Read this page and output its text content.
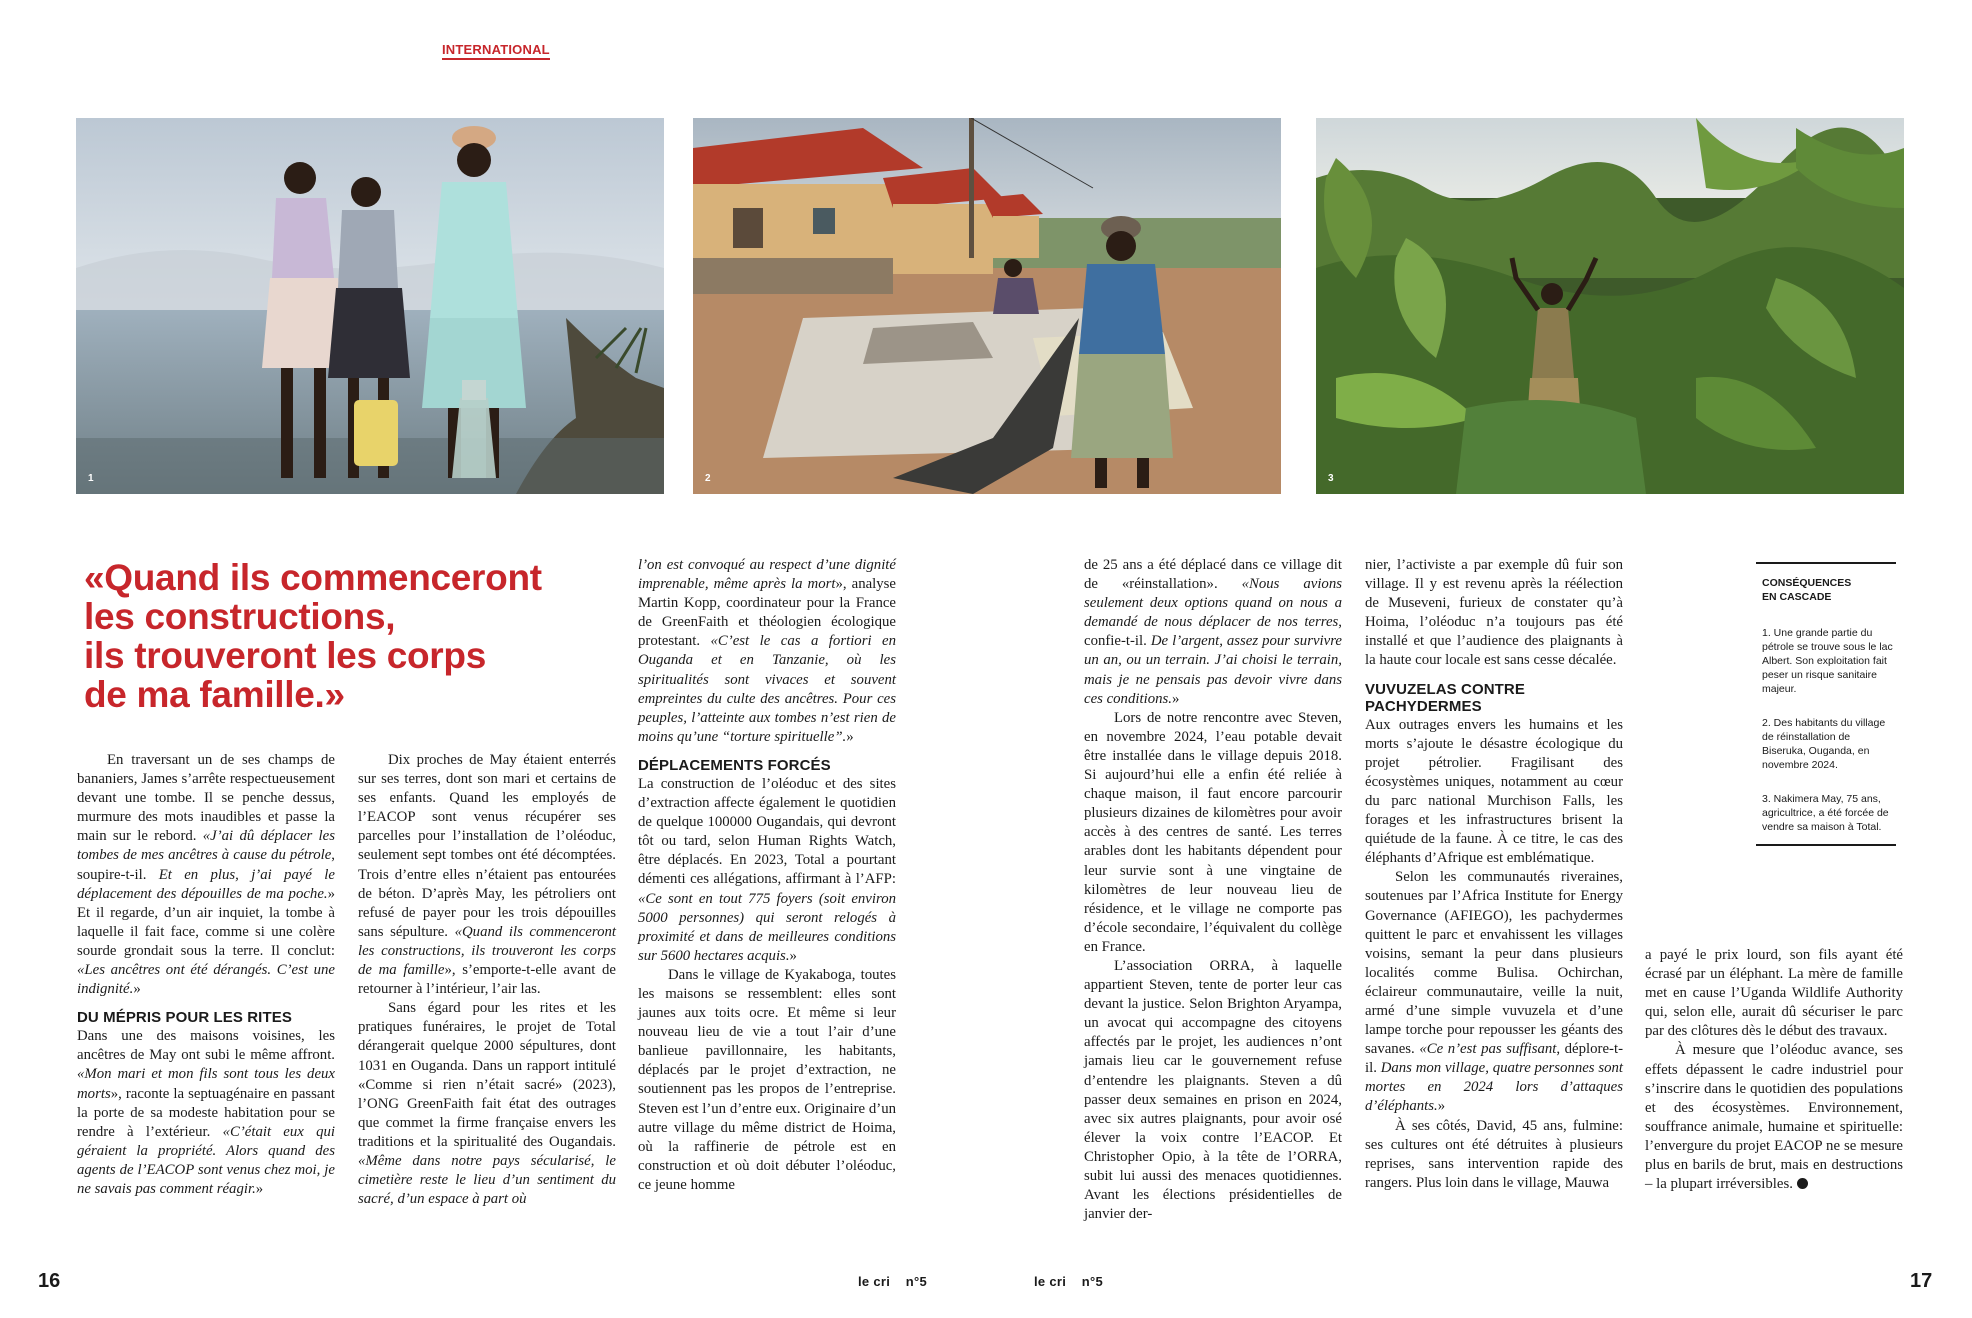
INTERNATIONAL
1	2	3
«Quand ils commenceront
les constructions,
ils trouveront les corps
de ma famille.»

En traversant un de ses champs de bananiers, James s’arrête respectueusement devant une tombe. Il se penche dessus, murmure des mots inaudibles et passe la main sur le rebord. «J’ai dû déplacer les tombes de mes ancêtres à cause du pétrole, soupire-t-il. Et en plus, j’ai payé le déplacement des dépouilles de ma poche.» Et il regarde, d’un air inquiet, la tombe à laquelle il fait face, comme si une colère sourde grondait sous la terre. Il conclut: «Les ancêtres ont été dérangés. C’est une indignité.»

DU MÉPRIS POUR LES RITES

Dans une des maisons voisines, les ancêtres de May ont subi le même affront. «Mon mari et mon fils sont tous les deux morts», raconte la septuagénaire en passant la porte de sa modeste habitation pour se rendre à l’extérieur. «C’était eux qui géraient la propriété. Alors quand des agents de l’EACOP sont venus chez moi, je ne savais pas comment réagir.»

Dix proches de May étaient enterrés sur ses terres, dont son mari et certains de ses enfants. Quand les employés de l’EACOP sont venus récupérer ses parcelles pour l’installation de l’oléoduc, seulement sept tombes ont été décomptées. Trois d’entre elles n’étaient pas entourées de béton. D’après May, les pétroliers ont refusé de payer pour les trois dépouilles sans sépulture. «Quand ils commenceront les constructions, ils trouveront les corps de ma famille», s’emporte-t-elle avant de retourner à l’intérieur, l’air las.

Sans égard pour les rites et les pratiques funéraires, le projet de Total dérangerait quelque 2000 sépultures, dont 1031 en Ouganda. Dans un rapport intitulé «Comme si rien n’était sacré» (2023), l’ONG GreenFaith fait état des outrages que commet la firme française envers les traditions et la spiritualité des Ougandais. «Même dans notre pays sécularisé, le cimetière reste le lieu d’un sentiment du sacré, d’un espace à part où

l’on est convoqué au respect d’une dignité imprenable, même après la mort», analyse Martin Kopp, coordinateur pour la France de GreenFaith et théologien écologique protestant. «C’est le cas a fortiori en Ouganda et en Tanzanie, où les spiritualités sont vivaces et souvent empreintes du culte des ancêtres. Pour ces peuples, l’atteinte aux tombes n’est rien de moins qu’une “torture spirituelle”.»

DÉPLACEMENTS FORCÉS

La construction de l’oléoduc et des sites d’extraction affecte également le quotidien de quelque 100000 Ougandais, qui devront tôt ou tard, selon Human Rights Watch, être déplacés. En 2023, Total a pourtant démenti ces allégations, affirmant à l’AFP: «Ce sont en tout 775 foyers (soit environ 5000 personnes) qui seront relogés à proximité et dans de meilleures conditions sur 5600 hectares acquis.»

Dans le village de Kyakaboga, toutes les maisons se ressemblent: elles sont jaunes aux toits ocre. Et même si leur nouveau lieu de vie a tout l’air d’une banlieue pavillonnaire, les habitants, déplacés par le projet d’extraction, ne soutiennent pas les propos de l’entreprise. Steven est l’un d’entre eux. Originaire d’un autre village du même district de Hoima, où la raffinerie de pétrole est en construction et où doit débuter l’oléoduc, ce jeune homme

de 25 ans a été déplacé dans ce village dit de «réinstallation». «Nous avions seulement deux options quand on nous a demandé de nous déplacer de nos terres, confie-t-il. De l’argent, assez pour survivre un an, ou un terrain. J’ai choisi le terrain, mais je ne pensais pas devoir vivre dans ces conditions.»

Lors de notre rencontre avec Steven, en novembre 2024, l’eau potable devait être installée dans le village depuis 2018. Si aujourd’hui elle a enfin été reliée à chaque maison, il faut encore parcourir plusieurs dizaines de kilomètres pour avoir accès à des centres de santé. Les terres arables dont les habitants dépendent pour leur survie sont à une vingtaine de kilomètres de leur nouveau lieu de résidence, et le village ne comporte pas d’école secondaire, l’équivalent du collège en France.

L’association ORRA, à laquelle appartient Steven, tente de porter leur cas devant la justice. Selon Brighton Aryampa, un avocat qui accompagne des citoyens affectés par le projet, les audiences n’ont jamais lieu car le gouvernement refuse d’entendre les plaignants. Steven a dû passer deux semaines en prison en 2024, avec six autres plaignants, pour avoir osé élever la voix contre l’EACOP. Et Christopher Opio, à la tête de l’ORRA, subit lui aussi des menaces quotidiennes. Avant les élections présidentielles de janvier der-

nier, l’activiste a par exemple dû fuir son village. Il y est revenu après la réélection de Museveni, furieux de constater qu’à Hoima, l’oléoduc n’a toujours pas été installé et que l’audience des plaignants à la haute cour locale est sans cesse décalée.

VUVUZELAS CONTRE PACHYDERMES

Aux outrages envers les humains et les morts s’ajoute le désastre écologique du projet pétrolier. Fragilisant des écosystèmes uniques, notamment au cœur du parc national Murchison Falls, les forages et les infrastructures brisent la quiétude de la faune. À ce titre, le cas des éléphants d’Afrique est emblématique.

Selon les communautés riveraines, soutenues par l’Africa Institute for Energy Governance (AFIEGO), les pachydermes quittent le parc et envahissent les villages voisins, semant la peur dans plusieurs localités comme Bulisa. Ochirchan, éclaireur communautaire, veille la nuit, armé d’une simple vuvuzela et d’une lampe torche pour repousser les géants des savanes. «Ce n’est pas suffisant, déplore-t-il. Dans mon village, quatre personnes sont mortes en 2024 lors d’attaques d’éléphants.»

À ses côtés, David, 45 ans, fulmine: ses cultures ont été détruites à plusieurs reprises, sans intervention rapide des rangers. Plus loin dans le village, Mauwa

a payé le prix lourd, son fils ayant été écrasé par un éléphant. La mère de famille met en cause l’Uganda Wildlife Authority qui, selon elle, aurait dû sécuriser le parc par des clôtures dès le début des travaux.

À mesure que l’oléoduc avance, ses effets dépassent le cadre industriel pour s’inscrire dans le quotidien des populations et des écosystèmes. Environnement, souffrance animale, humaine et spirituelle: l’envergure du projet EACOP ne se mesure plus en barils de brut, mais en destructions – la plupart irréversibles.

CONSÉQUENCES
EN CASCADE
1. Une grande partie du pétrole se trouve sous le lac Albert. Son exploitation fait peser un risque sanitaire majeur.
2. Des habitants du village de réinstallation de Biseruka, Ouganda, en novembre 2024.
3. Nakimera May, 75 ans, agricultrice, a été forcée de vendre sa maison à Total.
16	le cri    n°5	le cri    n°5	17
